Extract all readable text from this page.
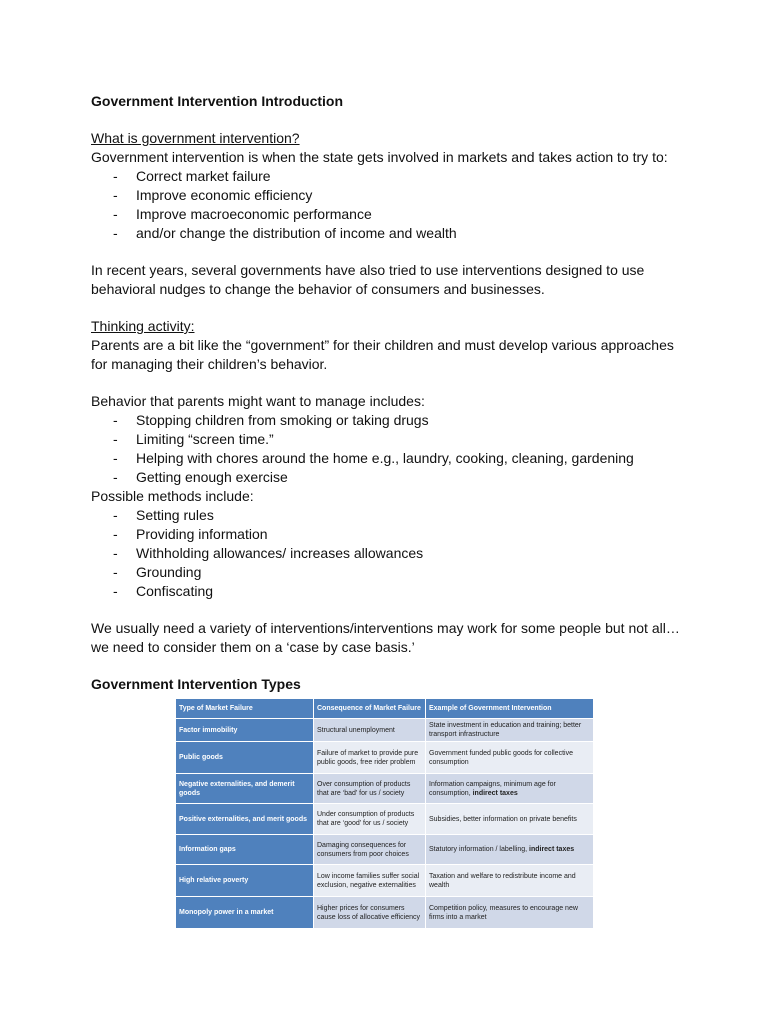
Government Intervention Introduction
What is government intervention?
Government intervention is when the state gets involved in markets and takes action to try to:
- Correct market failure
- Improve economic efficiency
- Improve macroeconomic performance
- and/or change the distribution of income and wealth
In recent years, several governments have also tried to use interventions designed to use
behavioral nudges to change the behavior of consumers and businesses.
Thinking activity:
Parents are a bit like the “government” for their children and must develop various approaches
for managing their children’s behavior.
Behavior that parents might want to manage includes:
- Stopping children from smoking or taking drugs
- Limiting “screen time.”
- Helping with chores around the home e.g., laundry, cooking, cleaning, gardening
- Getting enough exercise
Possible methods include:
- Setting rules
- Providing information
- Withholding allowances/ increases allowances
- Grounding
- Confiscating
We usually need a variety of interventions/interventions may work for some people but not all…
we need to consider them on a ‘case by case basis.’
Government Intervention Types
Type of Market Failure	Consequence of Market Failure	Example of Government Intervention
Factor immobility	Structural unemployment	State investment in education and training; better transport infrastructure
Public goods	Failure of market to provide pure public goods, free rider problem	Government funded public goods for collective consumption
Negative externalities, and demerit goods	Over consumption of products that are ‘bad’ for us / society	Information campaigns, minimum age for consumption, indirect taxes
Positive externalities, and merit goods	Under consumption of products that are ‘good’ for us / society	Subsidies, better information on private benefits
Information gaps	Damaging consequences for consumers from poor choices	Statutory information / labelling, indirect taxes
High relative poverty	Low income families suffer social exclusion, negative externalities	Taxation and welfare to redistribute income and wealth
Monopoly power in a market	Higher prices for consumers cause loss of allocative efficiency	Competition policy, measures to encourage new firms into a market
